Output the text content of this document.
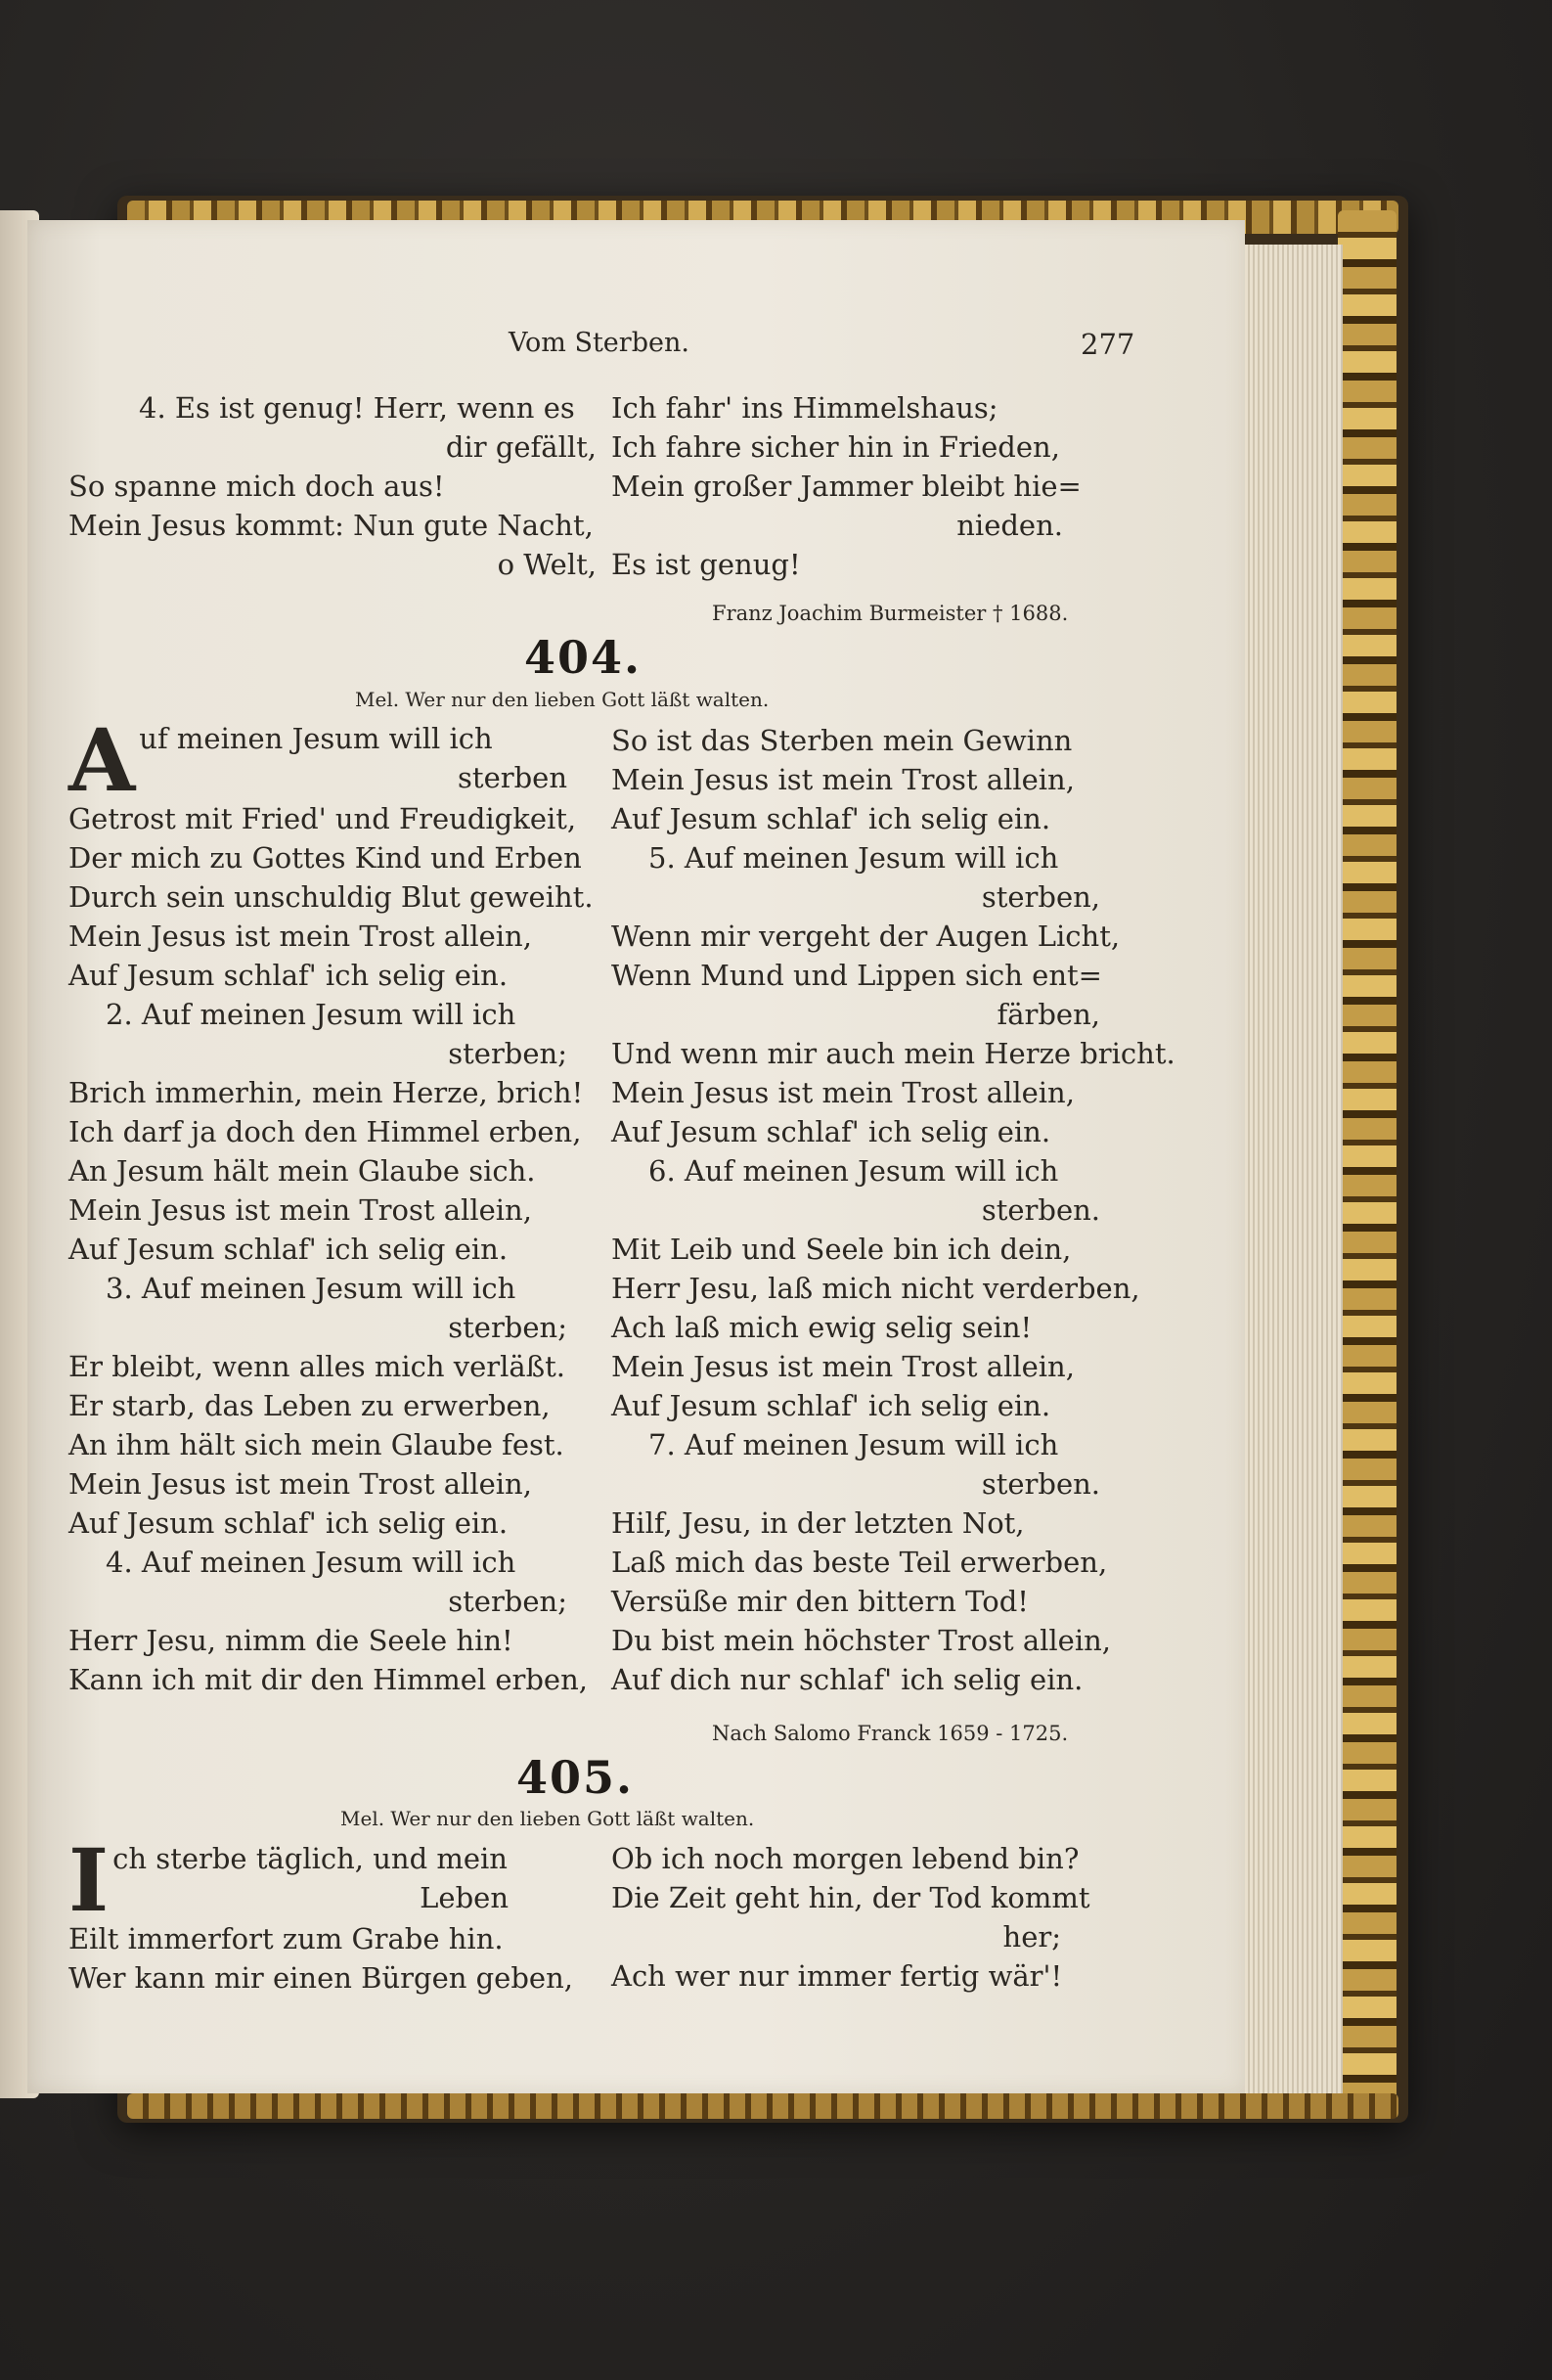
Vom Sterben.	277
4. Es ist genug! Herr, wenn es
dir gefällt,
So spanne mich doch aus!
Mein Jesus kommt: Nun gute Nacht,
o Welt,
Ich fahr' ins Himmelshaus;
Ich fahre sicher hin in Frieden,
Mein großer Jammer bleibt hie=
nieden.
Es ist genug!
Franz Joachim Burmeister † 1688.
404.
Mel. Wer nur den lieben Gott läßt walten.
A uf meinen Jesum will ich
sterben
Getrost mit Fried' und Freudigkeit,
Der mich zu Gottes Kind und Erben
Durch sein unschuldig Blut geweiht.
Mein Jesus ist mein Trost allein,
Auf Jesum schlaf' ich selig ein.
2. Auf meinen Jesum will ich
sterben;
Brich immerhin, mein Herze, brich!
Ich darf ja doch den Himmel erben,
An Jesum hält mein Glaube sich.
Mein Jesus ist mein Trost allein,
Auf Jesum schlaf' ich selig ein.
3. Auf meinen Jesum will ich
sterben;
Er bleibt, wenn alles mich verläßt.
Er starb, das Leben zu erwerben,
An ihm hält sich mein Glaube fest.
Mein Jesus ist mein Trost allein,
Auf Jesum schlaf' ich selig ein.
4. Auf meinen Jesum will ich
sterben;
Herr Jesu, nimm die Seele hin!
Kann ich mit dir den Himmel erben,
So ist das Sterben mein Gewinn
Mein Jesus ist mein Trost allein,
Auf Jesum schlaf' ich selig ein.
5. Auf meinen Jesum will ich
sterben,
Wenn mir vergeht der Augen Licht,
Wenn Mund und Lippen sich ent=
färben,
Und wenn mir auch mein Herze bricht.
Mein Jesus ist mein Trost allein,
Auf Jesum schlaf' ich selig ein.
6. Auf meinen Jesum will ich
sterben.
Mit Leib und Seele bin ich dein,
Herr Jesu, laß mich nicht verderben,
Ach laß mich ewig selig sein!
Mein Jesus ist mein Trost allein,
Auf Jesum schlaf' ich selig ein.
7. Auf meinen Jesum will ich
sterben.
Hilf, Jesu, in der letzten Not,
Laß mich das beste Teil erwerben,
Versüße mir den bittern Tod!
Du bist mein höchster Trost allein,
Auf dich nur schlaf' ich selig ein.
Nach Salomo Franck 1659 - 1725.
405.
Mel. Wer nur den lieben Gott läßt walten.
I ch sterbe täglich, und mein
Leben
Eilt immerfort zum Grabe hin.
Wer kann mir einen Bürgen geben,
Ob ich noch morgen lebend bin?
Die Zeit geht hin, der Tod kommt
her;
Ach wer nur immer fertig wär'!
